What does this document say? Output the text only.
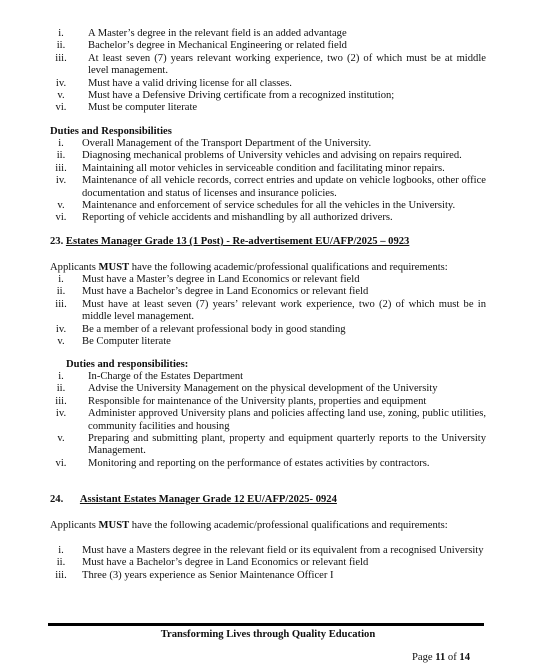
i.	A Master’s degree in the relevant field is an added advantage
ii.	Bachelor’s degree in Mechanical Engineering or related field
iii.	At least seven (7) years relevant working experience, two (2) of which must be at middle level management.
iv.	Must have a valid driving license for all classes.
v.	Must have a Defensive Driving certificate from a recognized institution;
vi.	Must be computer literate
Duties and Responsibilities
i.	Overall Management of the Transport Department of the University.
ii.	Diagnosing mechanical problems of University vehicles and advising on repairs required.
iii.	Maintaining all motor vehicles in serviceable condition and facilitating minor repairs.
iv.	Maintenance of all vehicle records, correct entries and update on vehicle logbooks, other office documentation and status of licenses and insurance policies.
v.	Maintenance and enforcement of service schedules for all the vehicles in the University.
vi.	Reporting of vehicle accidents and mishandling by all authorized drivers.
23. Estates Manager Grade 13 (1 Post) - Re-advertisement EU/AFP/2025 – 0923
Applicants MUST have the following academic/professional qualifications and requirements:
i.	Must have a Master’s degree in Land Economics or relevant field
ii.	Must have a Bachelor’s degree in Land Economics or relevant field
iii.	Must have at least seven (7) years’ relevant work experience, two (2) of which must be in middle level management.
iv.	Be a member of a relevant professional body in good standing
v.	Be Computer literate
Duties and responsibilities:
i.	In-Charge of the Estates Department
ii.	Advise the University Management on the physical development of the University
iii.	Responsible for maintenance of the University plants, properties and equipment
iv.	Administer approved University plans and policies affecting land use, zoning, public utilities, community facilities and housing
v.	Preparing and submitting plant, property and equipment quarterly reports to the University Management.
vi.	Monitoring and reporting on the performance of estates activities by contractors.
24. Assistant Estates Manager Grade 12 EU/AFP/2025- 0924
Applicants MUST have the following academic/professional qualifications and requirements:
i.	Must have a Masters degree in the relevant field or its equivalent from a recognised University
ii.	Must have a Bachelor’s degree in Land Economics or relevant field
iii.	Three (3) years experience as Senior Maintenance Officer I
Transforming Lives through Quality Education
Page 11 of 14
